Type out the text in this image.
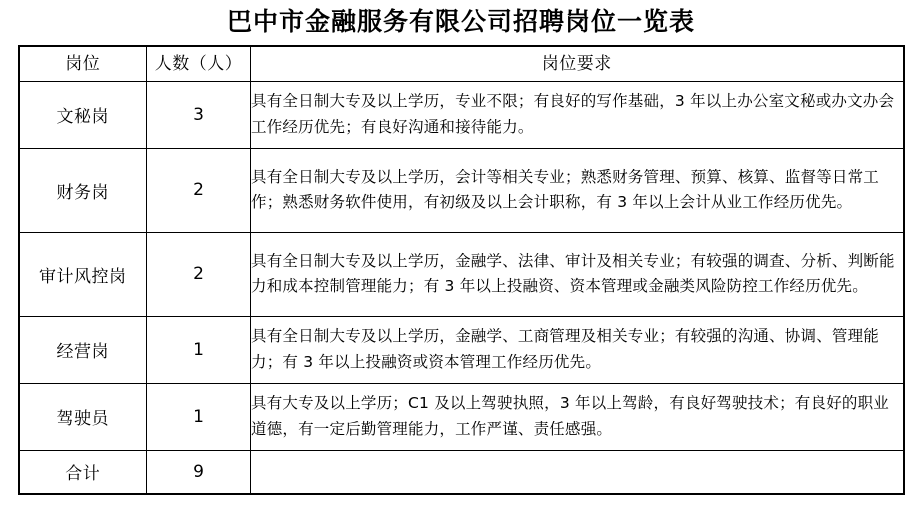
巴中市金融服务有限公司招聘岗位一览表
岗位	人数（人）	岗位要求
文秘岗	3	具有全日制大专及以上学历，专业不限；有良好的写作基础，3 年以上办公室文秘或办文办会工作经历优先；有良好沟通和接待能力。
财务岗	2	具有全日制大专及以上学历，会计等相关专业；熟悉财务管理、预算、核算、监督等日常工作；熟悉财务软件使用，有初级及以上会计职称，有 3 年以上会计从业工作经历优先。
审计风控岗	2	具有全日制大专及以上学历，金融学、法律、审计及相关专业；有较强的调查、分析、判断能力和成本控制管理能力；有 3 年以上投融资、资本管理或金融类风险防控工作经历优先。
经营岗	1	具有全日制大专及以上学历，金融学、工商管理及相关专业；有较强的沟通、协调、管理能力；有 3 年以上投融资或资本管理工作经历优先。
驾驶员	1	具有大专及以上学历；C1 及以上驾驶执照，3 年以上驾龄，有良好驾驶技术；有良好的职业道德，有一定后勤管理能力，工作严谨、责任感强。
合计	9	
